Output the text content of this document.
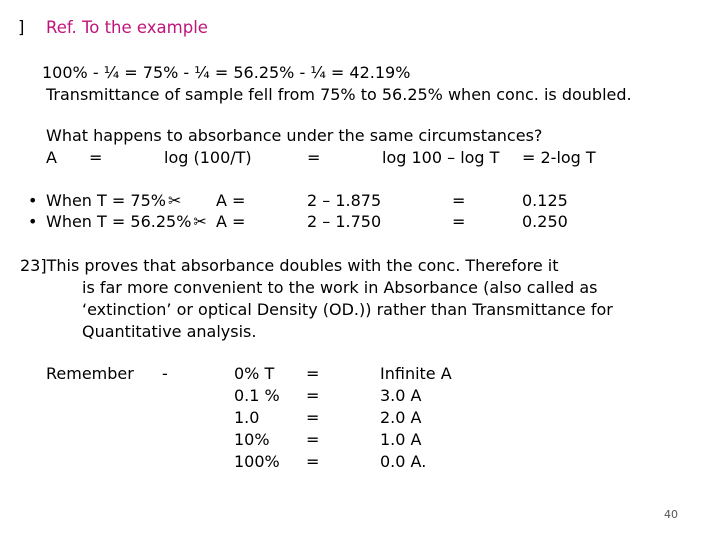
] Ref. To the example
100% - ¼ = 75% - ¼ = 56.25% - ¼ = 42.19%
Transmittance of sample fell from 75% to 56.25% when conc. is doubled.
What happens to absorbance under the same circumstances?
A =	log (100/T)	=	log 100 – log T = 2-log T
• When T = 75% ✂ A =	2 – 1.875	=	0.125
• When T = 56.25% ✂ A =	2 – 1.750	=	0.250
23]This proves that absorbance doubles with the conc. Therefore it
is far more convenient to the work in Absorbance (also called as
‘extinction’ or optical Density (OD.)) rather than Transmittance for
Quantitative analysis.
Remember -	0% T =	Infinite A
0.1 % =	3.0 A
1.0	=	2.0 A
10% =	1.0 A
100% =	0.0 A.
40
